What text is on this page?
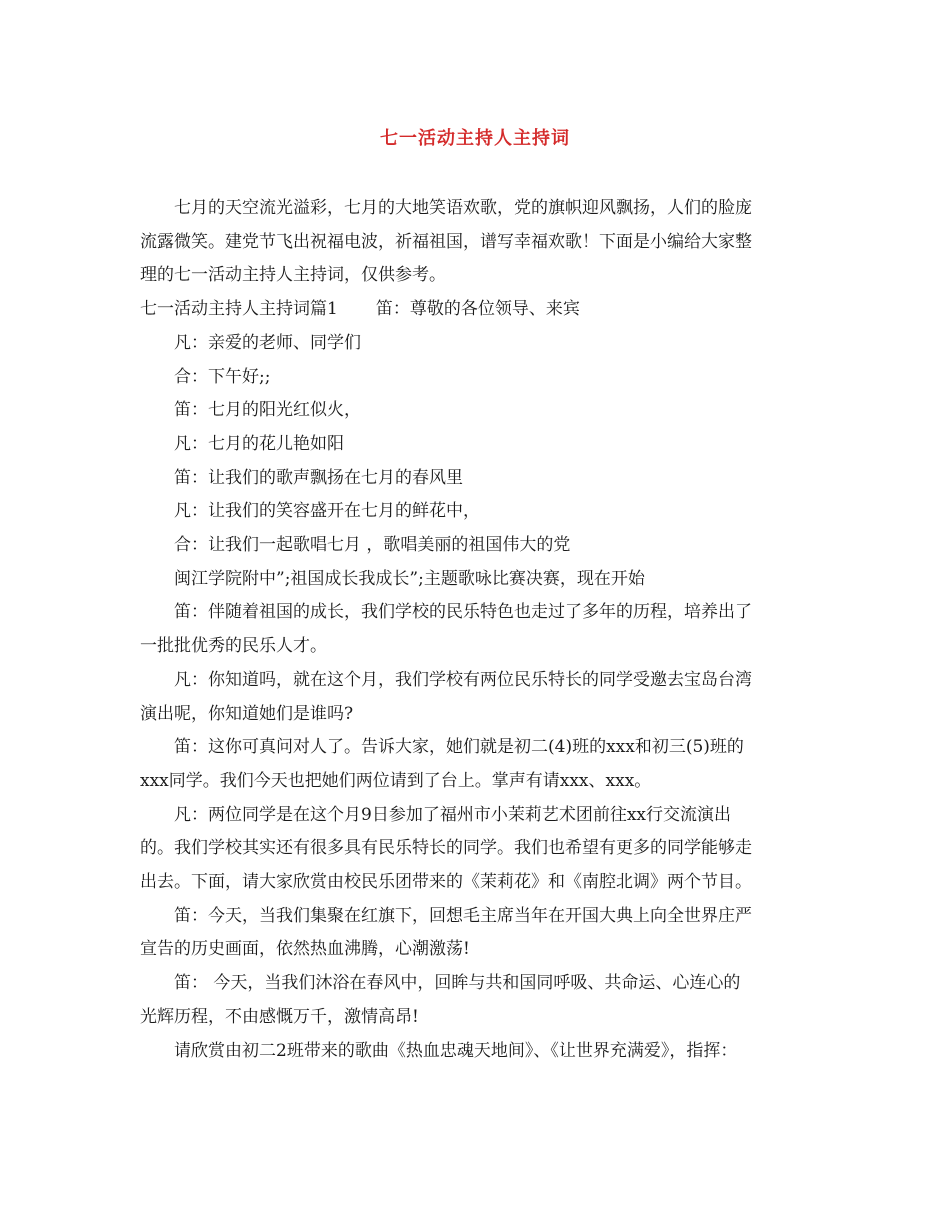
七一活动主持人主持词

七月的天空流光溢彩，七月的大地笑语欢歌，党的旗帜迎风飘扬，人们的脸庞

流露微笑。建党节飞出祝福电波，祈福祖国，谱写幸福欢歌！下面是小编给大家整

理的七一活动主持人主持词，仅供参考。

七一活动主持人主持词篇1 笛：尊敬的各位领导、来宾

凡：亲爱的老师、同学们

合：下午好;;

笛：七月的阳光红似火，

凡：七月的花儿艳如阳

笛：让我们的歌声飘扬在七月的春风里

凡：让我们的笑容盛开在七月的鲜花中，

合：让我们一起歌唱七月 ，歌唱美丽的祖国伟大的党

闽江学院附中”;祖国成长我成长”;主题歌咏比赛决赛，现在开始

笛：伴随着祖国的成长，我们学校的民乐特色也走过了多年的历程，培养出了

一批批优秀的民乐人才。

凡：你知道吗，就在这个月，我们学校有两位民乐特长的同学受邀去宝岛台湾

演出呢，你知道她们是谁吗?

笛：这你可真问对人了。告诉大家，她们就是初二(4)班的xxx和初三(5)班的

xxx同学。我们今天也把她们两位请到了台上。掌声有请xxx、xxx。

凡：两位同学是在这个月9日参加了福州市小茉莉艺术团前往xx行交流演出

的。我们学校其实还有很多具有民乐特长的同学。我们也希望有更多的同学能够走

出去。下面，请大家欣赏由校民乐团带来的《茉莉花》和《南腔北调》两个节目。

笛：今天，当我们集聚在红旗下，回想毛主席当年在开国大典上向全世界庄严

宣告的历史画面，依然热血沸腾，心潮激荡!

笛： 今天，当我们沐浴在春风中，回眸与共和国同呼吸、共命运、心连心的

光辉历程，不由感慨万千，激情高昂!

请欣赏由初二2班带来的歌曲《热血忠魂天地间》、《让世界充满爱》，指挥：
